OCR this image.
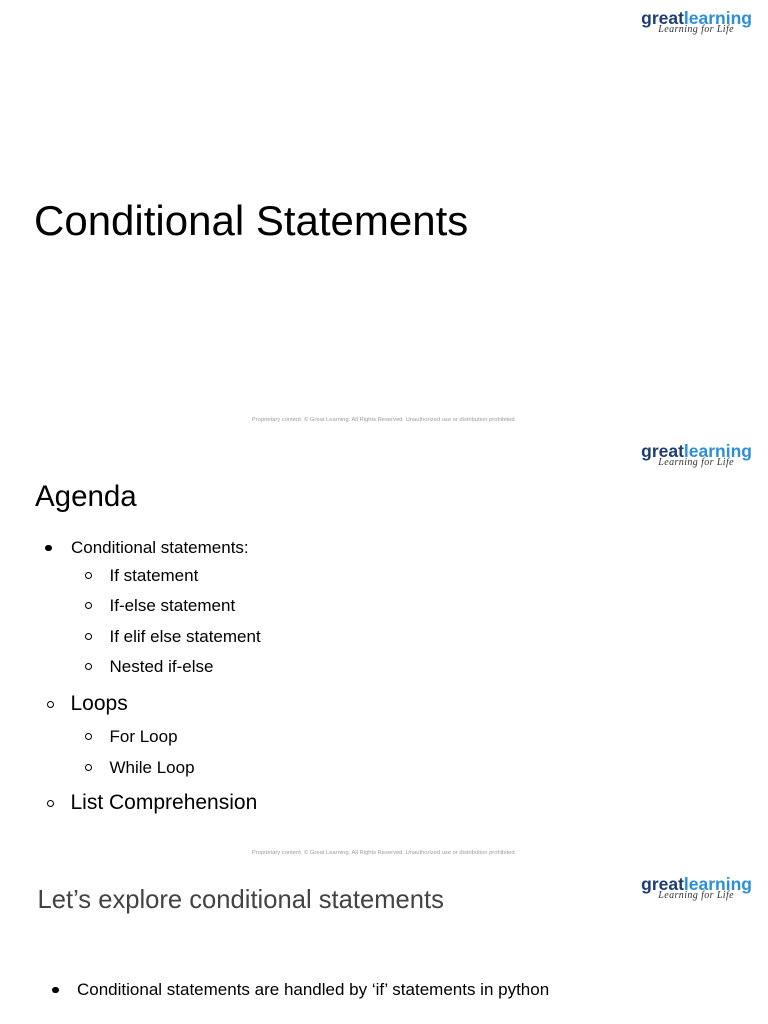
greatlearning
Learning for Life
Conditional Statements
Proprietary content. © Great Learning. All Rights Reserved. Unauthorized use or distribution prohibited.
greatlearning
Learning for Life
Agenda
Conditional statements:
If statement
If-else statement
If elif else statement
Nested if-else
Loops
For Loop
While Loop
List Comprehension
Proprietary content. © Great Learning. All Rights Reserved. Unauthorized use or distribution prohibited.
greatlearning
Learning for Life
Let’s explore conditional statements
Conditional statements are handled by ‘if’ statements in python
